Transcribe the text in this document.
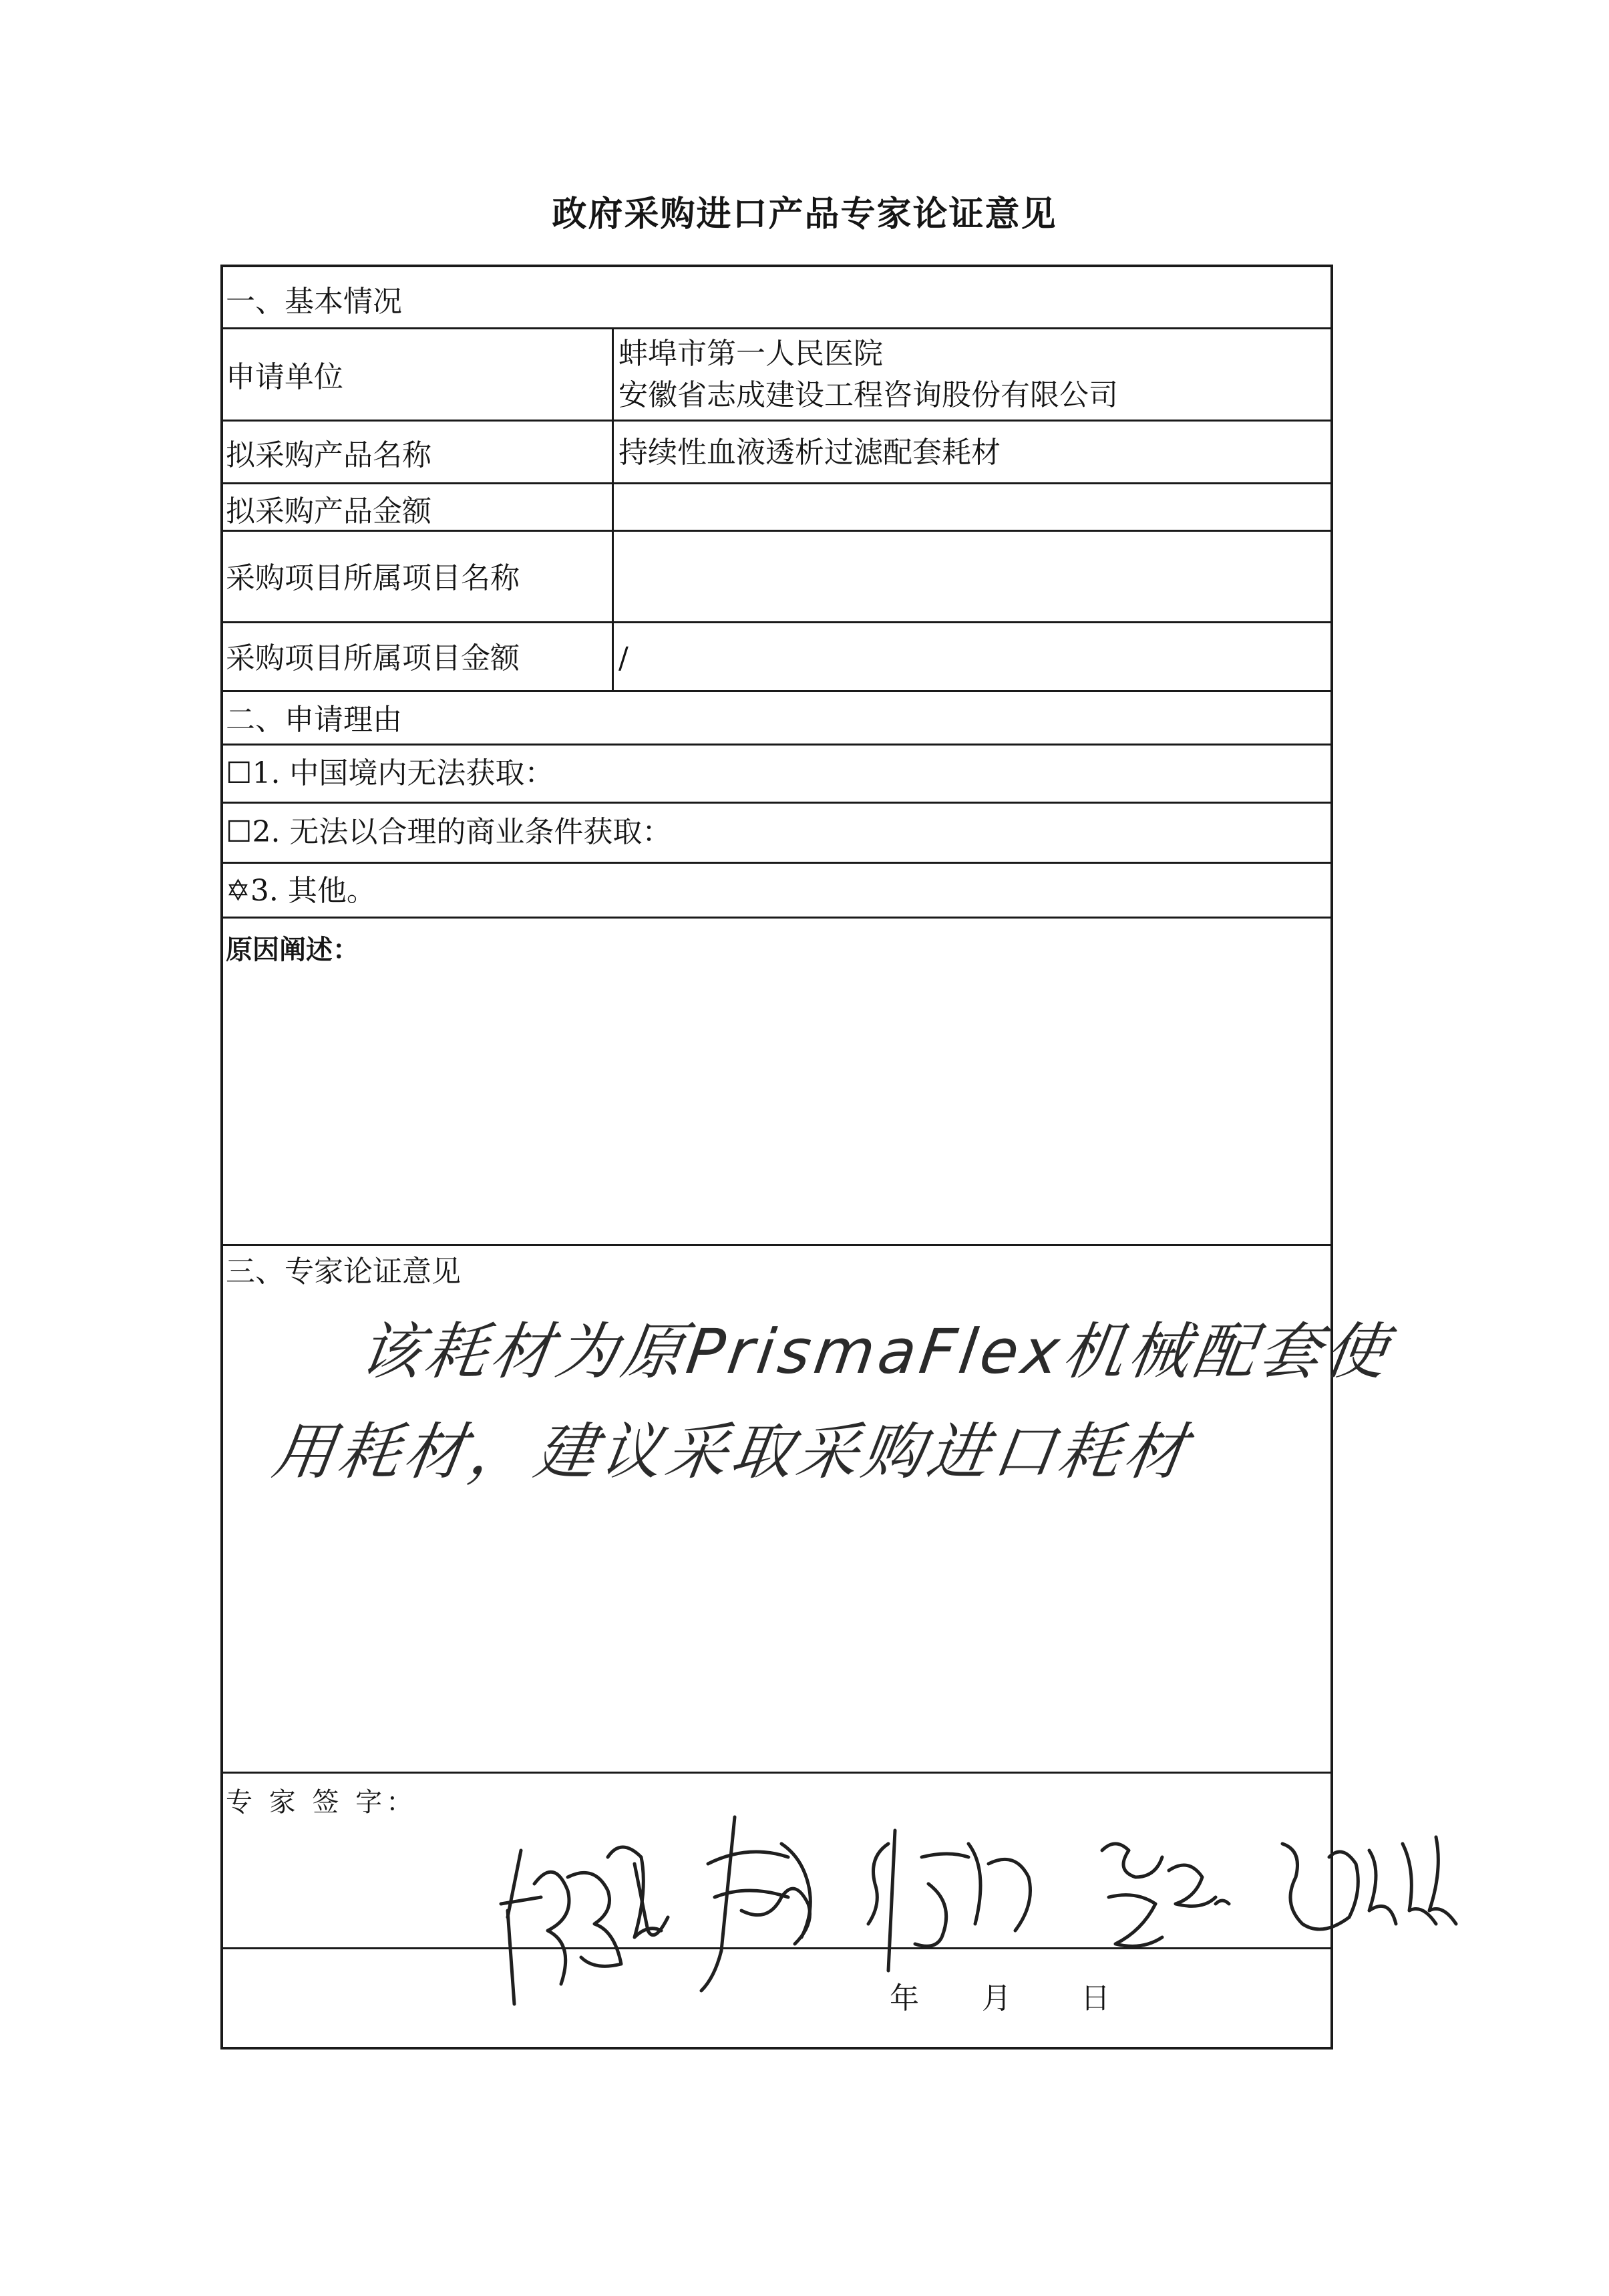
政府采购进口产品专家论证意见
一、基本情况
申请单位
蚌埠市第一人民医院
安徽省志成建设工程咨询股份有限公司
拟采购产品名称	持续性血液透析过滤配套耗材
拟采购产品金额
采购项目所属项目名称
采购项目所属项目金额	/
二、申请理由
☐1. 中国境内无法获取：
☐2. 无法以合理的商业条件获取：
✡3. 其他。
原因阐述：
三、专家论证意见
该耗材为原PrismaFlex机械配套使
用耗材，建议采取采购进口耗材
专 家 签 字：
年 月 日
